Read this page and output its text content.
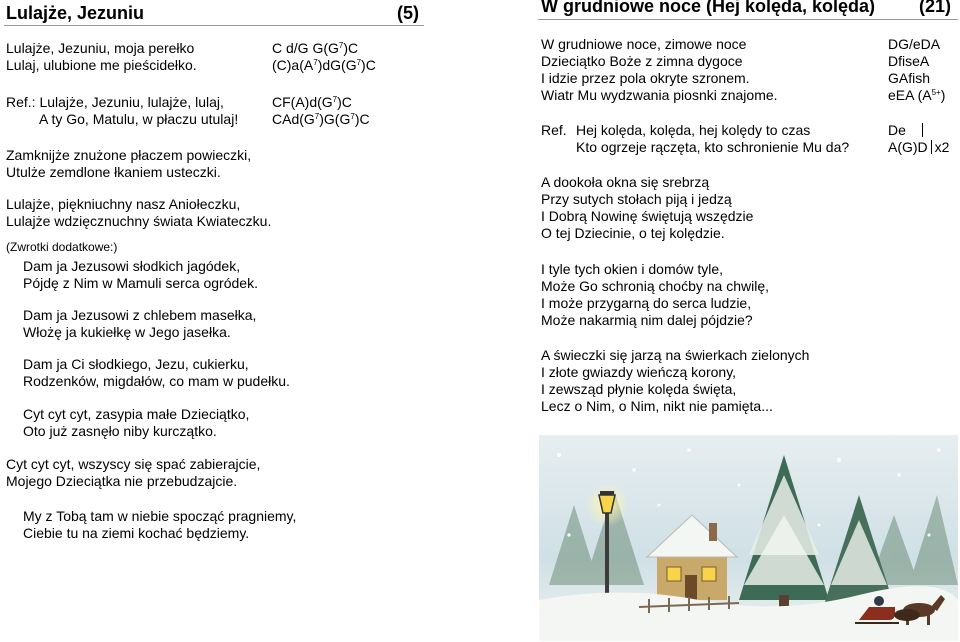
Lulajże, Jezuniu	(5)
Lulajże, Jezuniu, moja perełko
Lulaj, ulubione me pieścidełko.
C d/G $G(G^7)C$
$(C)a(A^7)dG(G^7)C$
Ref.: Lulajże, Jezuniu, lulajże, lulaj,
A ty Go, Matulu, w płaczu utulaj!
$CF(A)d(G^7)C$
$CAd(G^7)G(G^7)C$
Zamknijże znużone płaczem powieczki,
Utulże zemdlone łkaniem usteczki.
Lulajże, piękniuchny nasz Aniołeczku,
Lulajże wdzięcznuchny świata Kwiateczku.
(Zwrotki dodatkowe:)
Dam ja Jezusowi słodkich jagódek,
Pójdę z Nim w Mamuli serca ogródek.
Dam ja Jezusowi z chlebem masełka,
Włożę ja kukiełkę w Jego jasełka.
Dam ja Ci słodkiego, Jezu, cukierku,
Rodzenków, migdałów, co mam w pudełku.
Cyt cyt cyt, zasypia małe Dzieciątko,
Oto już zasnęło niby kurczątko.
Cyt cyt cyt, wszyscy się spać zabierajcie,
Mojego Dzieciątka nie przebudzajcie.
My z Tobą tam w niebie spocząć pragniemy,
Ciebie tu na ziemi kochać będziemy.
W grudniowe noce (Hej kolęda, kolęda) (21)
W grudniowe noce, zimowe noce
Dzieciątko Boże z zimna dygoce
I idzie przez pola okryte szronem.
Wiatr Mu wydzwania piosnki znajome.
DG/eDA
DfiseA
GAfish
eEA $(A^{5+})$
Ref. Hej kolęda, kolęda, hej kolędy to czas
Kto ogrzeje rączęta, kto schronienie Mu da?
De
A(G)D x2
A dookoła okna się srebrzą
Przy sutych stołach piją i jedzą
I Dobrą Nowinę świętują wszędzie
O tej Dziecinie, o tej kolędzie.
I tyle tych okien i domów tyle,
Może Go schronią choćby na chwilę,
I może przygarną do serca ludzie,
Może nakarmią nim dalej pójdzie?
A świeczki się jarzą na świerkach zielonych
I złote gwiazdy wieńczą korony,
I zewsząd płynie kolęda święta,
Lecz o Nim, o Nim, nikt nie pamięta...
